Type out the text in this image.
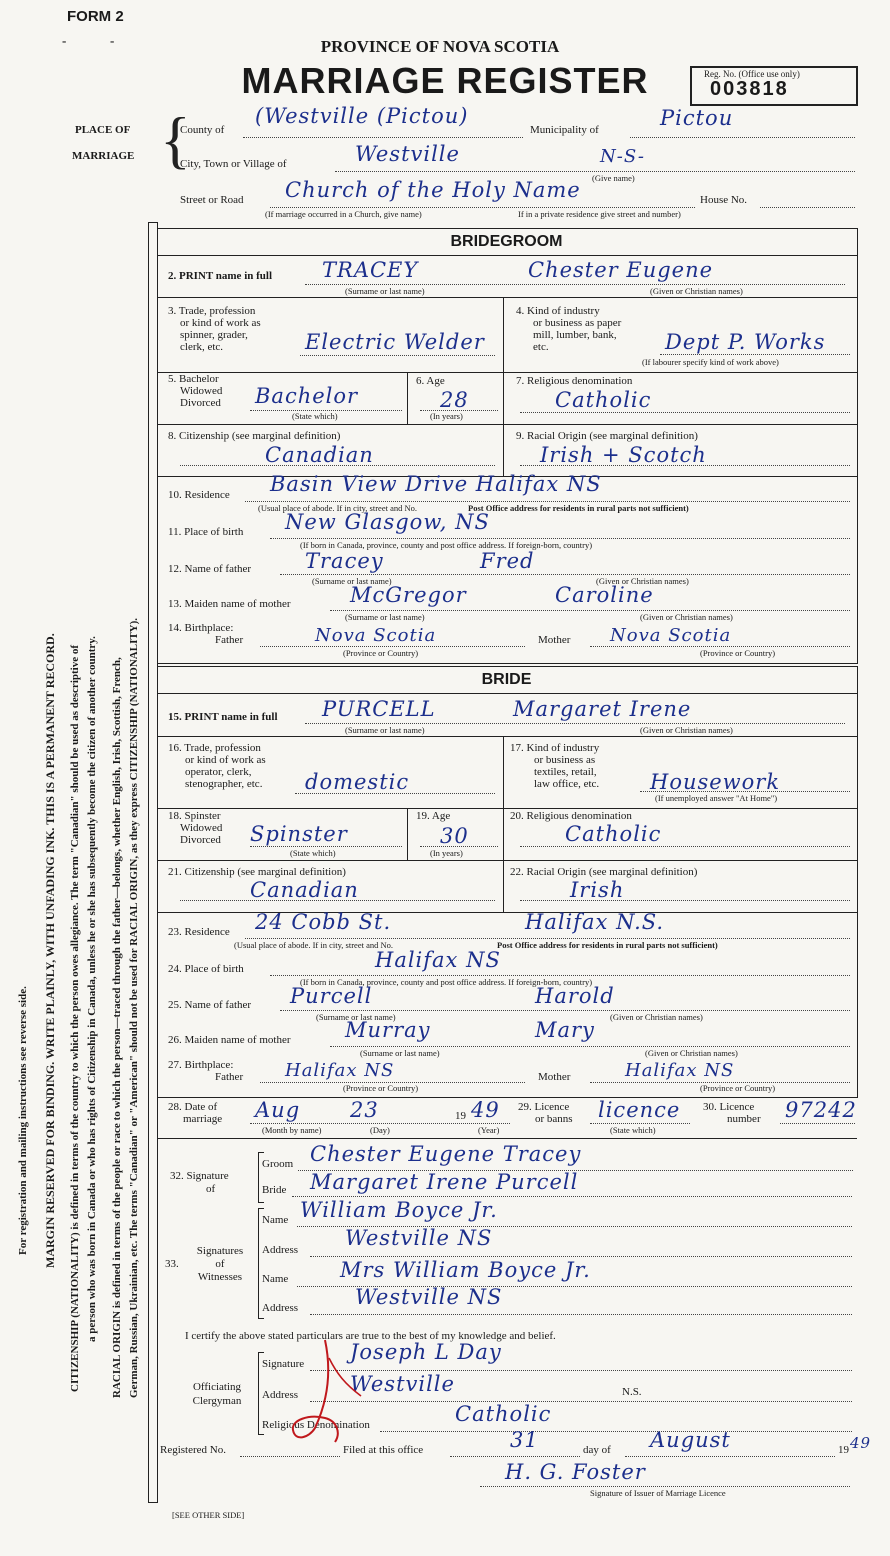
FORM 2
-	-	PROVINCE OF NOVA SCOTIA
MARRIAGE REGISTER	Reg. No. (Office use only)
003818
PLACE OF
MARRIAGE {
County of
(Westville (Pictou)
Municipality of	Pictou
City, Town or Village of	Westville	N-S-
(Give name)
Street or Road Church of the Holy Name	House No.
(If marriage occurred in a Church, give name)	If in a private residence give street and number)
For registration and mailing instructions see reverse side. MARGIN RESERVED FOR BINDING. WRITE PLAINLY, WITH UNFADING INK. THIS IS A PERMANENT RECORD. CITIZENSHIP (NATIONALITY) is defined in terms of the country to which the person owes allegiance. The term "Canadian" should be used as descriptive of a person who was born in Canada or who has rights of Citizenship in Canada, unless he or she has subsequently become the citizen of another country. RACIAL ORIGIN is defined in terms of the people or race to which the person—traced through the father—belongs, whether English, Irish, Scottish, French, German, Russian, Ukrainian, etc. The terms "Canadian" or "American" should not be used for RACIAL ORIGIN, as they express CITIZENSHIP (NATIONALITY).
BRIDEGROOM
2. PRINT name in full TRACEY	Chester Eugene
(Surname or last name)	(Given or Christian names)
3. Trade, profession
or kind of work as
spinner, grader,
clerk, etc.	Electric Welder
4. Kind of industry
or business as paper
mill, lumber, bank,
etc.	Dept P. Works
(If labourer specify kind of work above)
5. Bachelor
Widowed
Divorced Bachelor
(State which)
6. Age
28
(In years)
7. Religious denomination
Catholic
8. Citizenship (see marginal definition)
Canadian
9. Racial Origin (see marginal definition)
Irish + Scotch
10. Residence Basin View Drive Halifax NS
(Usual place of abode. If in city, street and No.	Post Office address for residents in rural parts not sufficient)
11. Place of birth New Glasgow, NS
(If born in Canada, province, county and post office address. If foreign-born, country)
12. Name of father	Tracey	Fred
(Surname or last name)	(Given or Christian names)
13. Maiden name of mother	McGregor	Caroline
(Surname or last name)	(Given or Christian names)
14. Birthplace:
Father	Nova Scotia	Mother Nova Scotia
(Province or Country)	(Province or Country)
BRIDE
15. PRINT name in full PURCELL	Margaret Irene
(Surname or last name)	(Given or Christian names)
16. Trade, profession
or kind of work as
operator, clerk,
stenographer, etc. domestic
17. Kind of industry
or business as
textiles, retail,
law office, etc. Housework
(If unemployed answer "At Home")
18. Spinster
Widowed
Divorced Spinster
(State which)
19. Age
30
(In years)
20. Religious denomination
Catholic
21. Citizenship (see marginal definition)
Canadian
22. Racial Origin (see marginal definition)
Irish
23. Residence 24 Cobb St.	Halifax N.S.
(Usual place of abode. If in city, street and No.	Post Office address for residents in rural parts not sufficient)
24. Place of birth	Halifax NS
(If born in Canada, province, county and post office address. If foreign-born, country)
25. Name of father Purcell	Harold
(Surname or last name)	(Given or Christian names)
26. Maiden name of mother	Murray	Mary
(Surname or last name)	(Given or Christian names)
27. Birthplace:
Father Halifax NS	Mother	Halifax NS
(Province or Country)	(Province or Country)
28. Date of
marriage Aug 23	19 49
(Month by name)	(Day)	(Year)
29. Licence
or banns licence
(State which)
30. Licence
number 97242
32. Signature
of
Groom Chester Eugene Tracey
Bride Margaret Irene Purcell
33.
Signatures
of
Witnesses
Name William Boyce Jr.
Address Westville NS
Name Mrs William Boyce Jr.
Address	Westville NS
I certify the above stated particulars are true to the best of my knowledge and belief.
Officiating
Clergyman
Signature Joseph L Day
Address Westville	N.S.
Religious Denomination	Catholic
Registered No.	Filed at this office	31	day of August	19 49
H. G. Foster
Signature of Issuer of Marriage Licence
[SEE OTHER SIDE]
